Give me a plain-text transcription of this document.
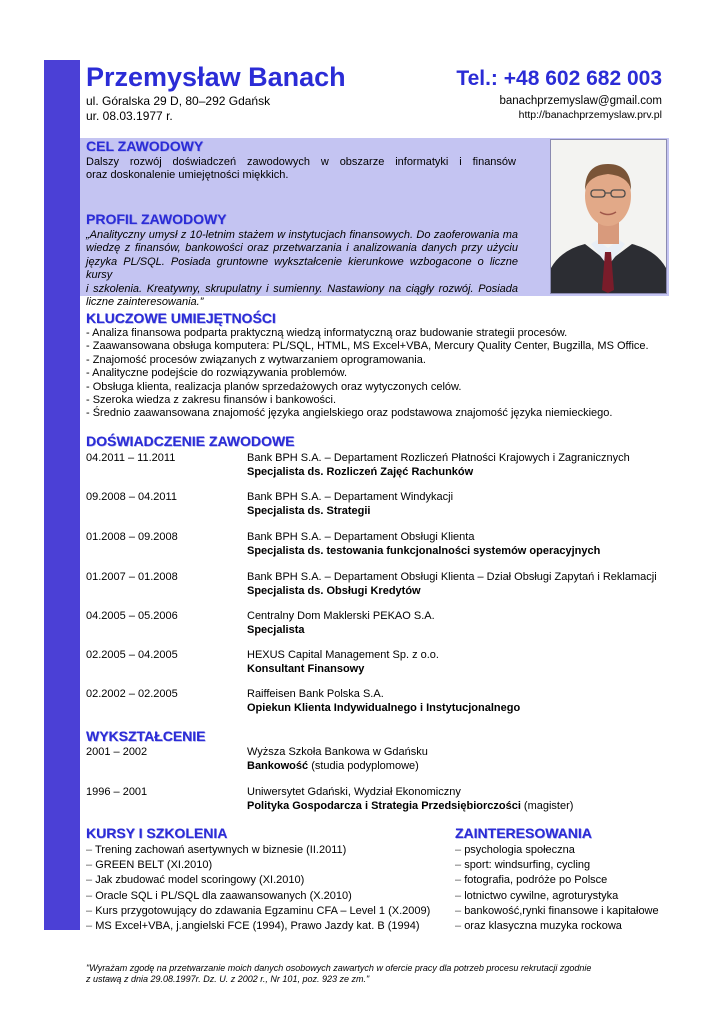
Przemysław Banach
ul. Góralska 29 D, 80–292 Gdańsk
ur. 08.03.1977 r.
Tel.: +48 602 682 003
banachprzemyslaw@gmail.com
http://banachprzemyslaw.prv.pl
CEL ZAWODOWY
Dalszy rozwój doświadczeń zawodowych w obszarze informatyki i finansów
oraz doskonalenie umiejętności miękkich.
PROFIL ZAWODOWY
„Analityczny umysł z 10-letnim stażem w instytucjach finansowych. Do zaoferowania ma
wiedzę z finansów, bankowości oraz przetwarzania i analizowania danych przy użyciu
języka PL/SQL. Posiada gruntowne wykształcenie kierunkowe wzbogacone o liczne kursy
i szkolenia. Kreatywny, skrupulatny i sumienny. Nastawiony na ciągły rozwój. Posiada
liczne zainteresowania.”
KLUCZOWE UMIEJĘTNOŚCI
- Analiza finansowa podparta praktyczną wiedzą informatyczną oraz budowanie strategii procesów.
- Zaawansowana obsługa komputera: PL/SQL, HTML, MS Excel+VBA, Mercury Quality Center, Bugzilla, MS Office.
- Znajomość procesów związanych z wytwarzaniem oprogramowania.
- Analityczne podejście do rozwiązywania problemów.
- Obsługa klienta, realizacja planów sprzedażowych oraz wytyczonych celów.
- Szeroka wiedza z zakresu finansów i bankowości.
- Średnio zaawansowana znajomość języka angielskiego oraz podstawowa znajomość języka niemieckiego.
DOŚWIADCZENIE ZAWODOWE
04.2011 – 11.2011	Bank BPH S.A. – Departament Rozliczeń Płatności Krajowych i Zagranicznych
Specjalista ds. Rozliczeń Zajęć Rachunków
09.2008 – 04.2011	Bank BPH S.A. – Departament Windykacji
Specjalista ds. Strategii
01.2008 – 09.2008	Bank BPH S.A. – Departament Obsługi Klienta
Specjalista ds. testowania funkcjonalności systemów operacyjnych
01.2007 – 01.2008	Bank BPH S.A. – Departament Obsługi Klienta – Dział Obsługi Zapytań i Reklamacji
Specjalista ds. Obsługi Kredytów
04.2005 – 05.2006	Centralny Dom Maklerski PEKAO S.A.
Specjalista
02.2005 – 04.2005	HEXUS Capital Management Sp. z o.o.
Konsultant Finansowy
02.2002 – 02.2005	Raiffeisen Bank Polska S.A.
Opiekun Klienta Indywidualnego i Instytucjonalnego
WYKSZTAŁCENIE
2001 – 2002	Wyższa Szkoła Bankowa w Gdańsku
Bankowość (studia podyplomowe)
1996 – 2001	Uniwersytet Gdański, Wydział Ekonomiczny
Polityka Gospodarcza i Strategia Przedsiębiorczości (magister)
KURSY I SZKOLENIA
– Trening zachowań asertywnych w biznesie (II.2011)
– GREEN BELT (XI.2010)
– Jak zbudować model scoringowy (XI.2010)
– Oracle SQL i PL/SQL dla zaawansowanych (X.2010)
– Kurs przygotowujący do zdawania Egzaminu CFA – Level 1 (X.2009)
– MS Excel+VBA, j.angielski FCE (1994), Prawo Jazdy kat. B (1994)
ZAINTERESOWANIA
– psychologia społeczna
– sport: windsurfing, cycling
– fotografia, podróże po Polsce
– lotnictwo cywilne, agroturystyka
– bankowość,rynki finansowe i kapitałowe
– oraz klasyczna muzyka rockowa
"Wyrażam zgodę na przetwarzanie moich danych osobowych zawartych w ofercie pracy dla potrzeb procesu rekrutacji zgodnie
z ustawą z dnia 29.08.1997r. Dz. U. z 2002 r., Nr 101, poz. 923 ze zm."
